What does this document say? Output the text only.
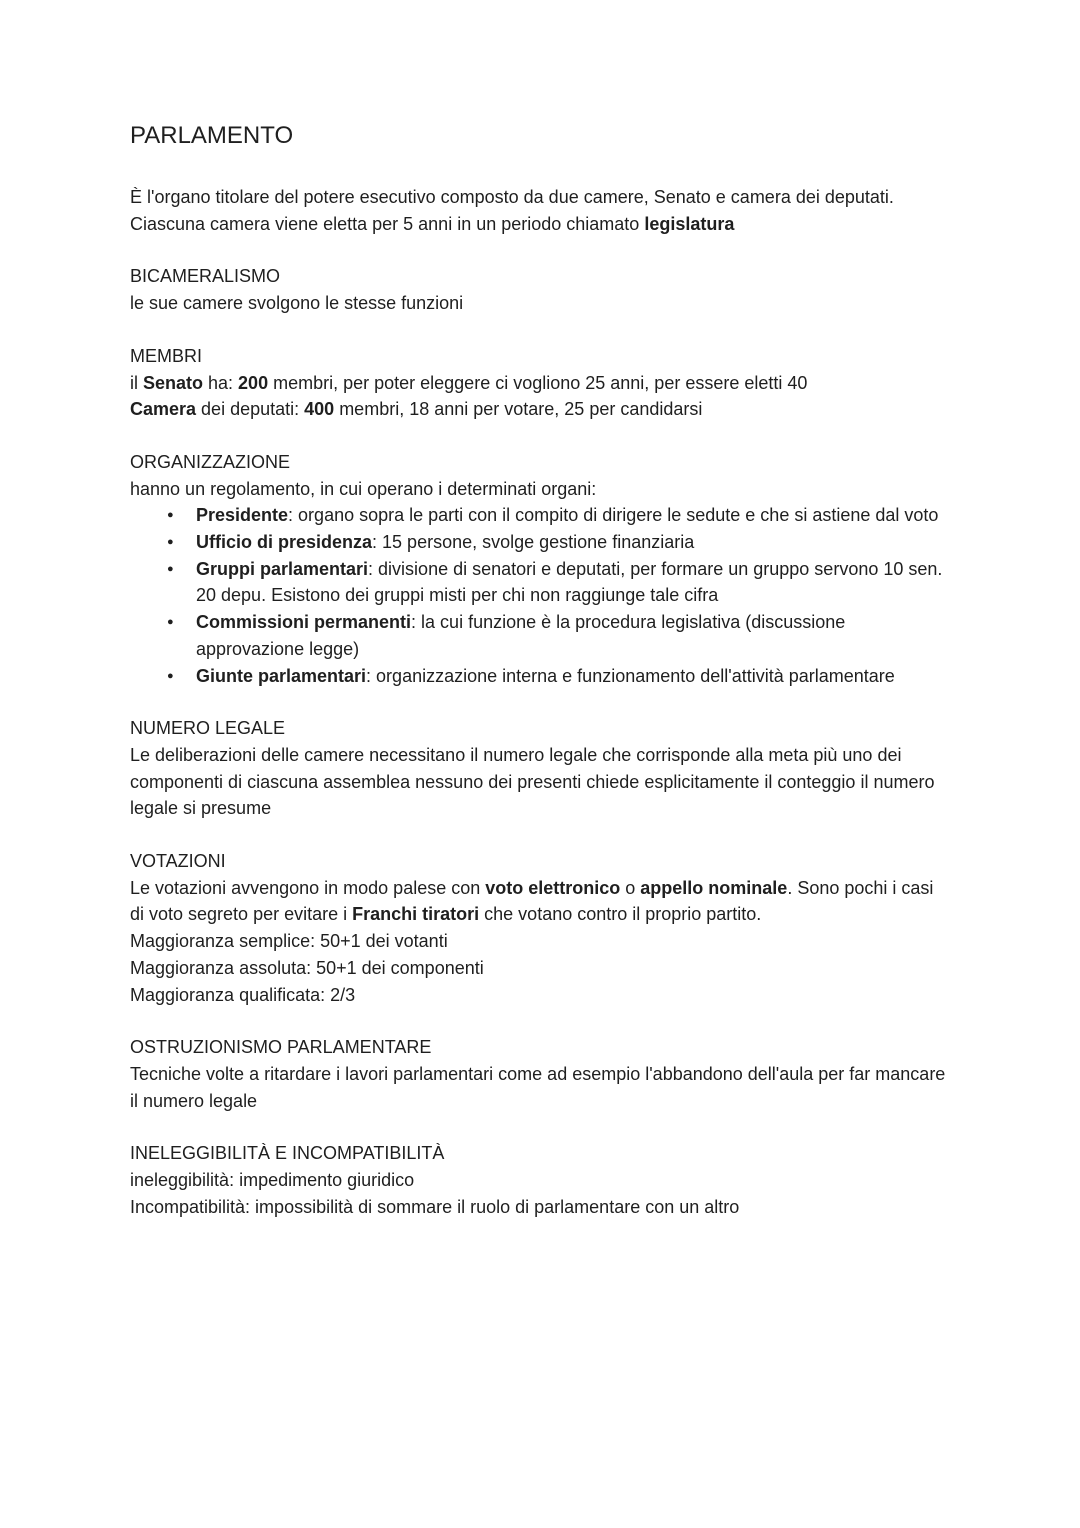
PARLAMENTO

È l'organo titolare del potere esecutivo composto da due camere, Senato e camera dei deputati. Ciascuna camera viene eletta per 5 anni in un periodo chiamato legislatura

BICAMERALISMO

le sue camere svolgono le stesse funzioni

MEMBRI

il Senato ha: 200 membri, per poter eleggere ci vogliono 25 anni, per essere eletti 40

Camera dei deputati: 400 membri, 18 anni per votare, 25 per candidarsi

ORGANIZZAZIONE

hanno un regolamento, in cui operano i determinati organi:

● Presidente: organo sopra le parti con il compito di dirigere le sedute e che si astiene dal voto
● Ufficio di presidenza: 15 persone, svolge gestione finanziaria
● Gruppi parlamentari: divisione di senatori e deputati, per formare un gruppo servono 10 sen. 20 depu. Esistono dei gruppi misti per chi non raggiunge tale cifra
● Commissioni permanenti: la cui funzione è la procedura legislativa (discussione approvazione legge)
● Giunte parlamentari: organizzazione interna e funzionamento dell'attività parlamentare
NUMERO LEGALE

Le deliberazioni delle camere necessitano il numero legale che corrisponde alla meta più uno dei componenti di ciascuna assemblea nessuno dei presenti chiede esplicitamente il conteggio il numero legale si presume

VOTAZIONI

Le votazioni avvengono in modo palese con voto elettronico o appello nominale. Sono pochi i casi di voto segreto per evitare i Franchi tiratori che votano contro il proprio partito.

Maggioranza semplice: 50+1 dei votanti

Maggioranza assoluta: 50+1 dei componenti

Maggioranza qualificata: 2/3

OSTRUZIONISMO PARLAMENTARE

Tecniche volte a ritardare i lavori parlamentari come ad esempio l'abbandono dell'aula per far mancare il numero legale

INELEGGIBILITÀ E INCOMPATIBILITÀ

ineleggibilità: impedimento giuridico

Incompatibilità: impossibilità di sommare il ruolo di parlamentare con un altro
